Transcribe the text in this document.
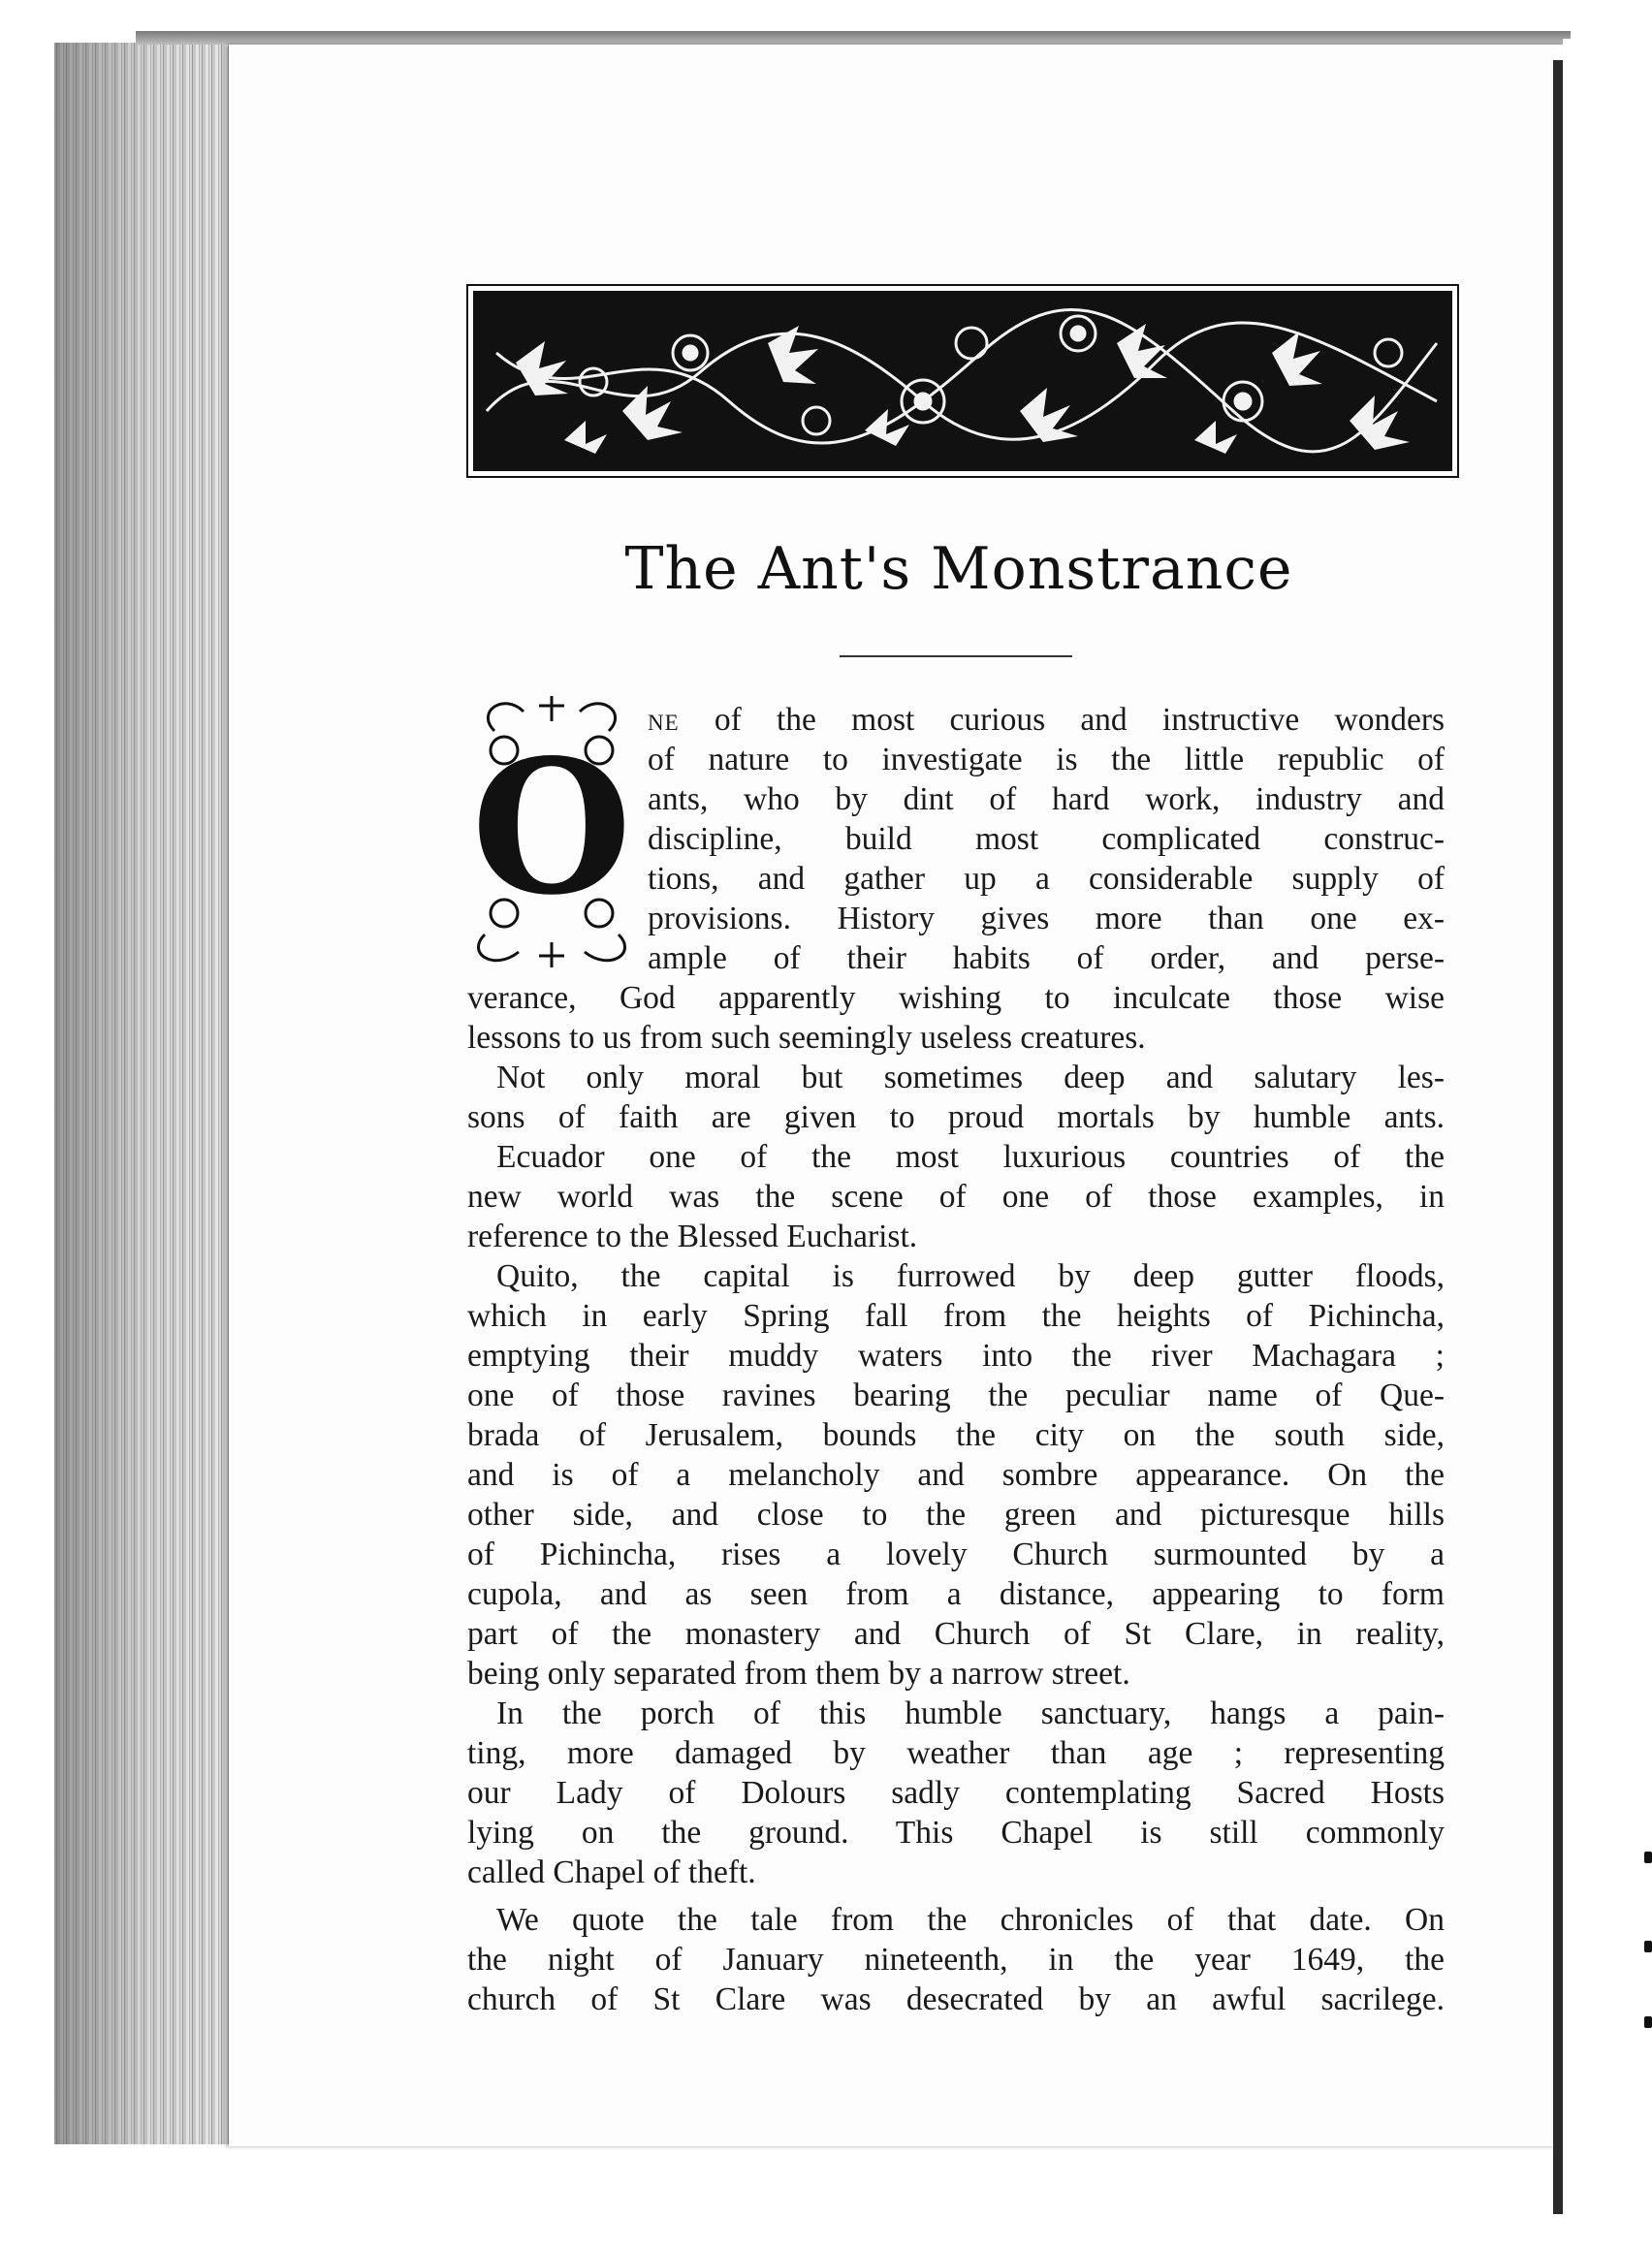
The Ant's Monstrance
O ne of the most curious and instructive wonders
of nature to investigate is the little republic of
ants, who by dint of hard work, industry and
discipline, build most complicated construc-
tions, and gather up a considerable supply of
provisions. History gives more than one ex-
ample of their habits of order, and perse-

verance, God apparently wishing to inculcate those wise
lessons to us from such seemingly useless creatures.

Not only moral but sometimes deep and salutary les-
sons of faith are given to proud mortals by humble ants.

Ecuador one of the most luxurious countries of the
new world was the scene of one of those examples, in
reference to the Blessed Eucharist.

Quito, the capital is furrowed by deep gutter floods,
which in early Spring fall from the heights of Pichincha,
emptying their muddy waters into the river Machagara ;
one of those ravines bearing the peculiar name of Que-
brada of Jerusalem, bounds the city on the south side,
and is of a melancholy and sombre appearance. On the
other side, and close to the green and picturesque hills
of Pichincha, rises a lovely Church surmounted by a
cupola, and as seen from a distance, appearing to form
part of the monastery and Church of St Clare, in reality,
being only separated from them by a narrow street.

In the porch of this humble sanctuary, hangs a pain-
ting, more damaged by weather than age ; representing
our Lady of Dolours sadly contemplating Sacred Hosts
lying on the ground. This Chapel is still commonly
called Chapel of theft.

We quote the tale from the chronicles of that date. On
the night of January nineteenth, in the year 1649, the
church of St Clare was desecrated by an awful sacrilege.
